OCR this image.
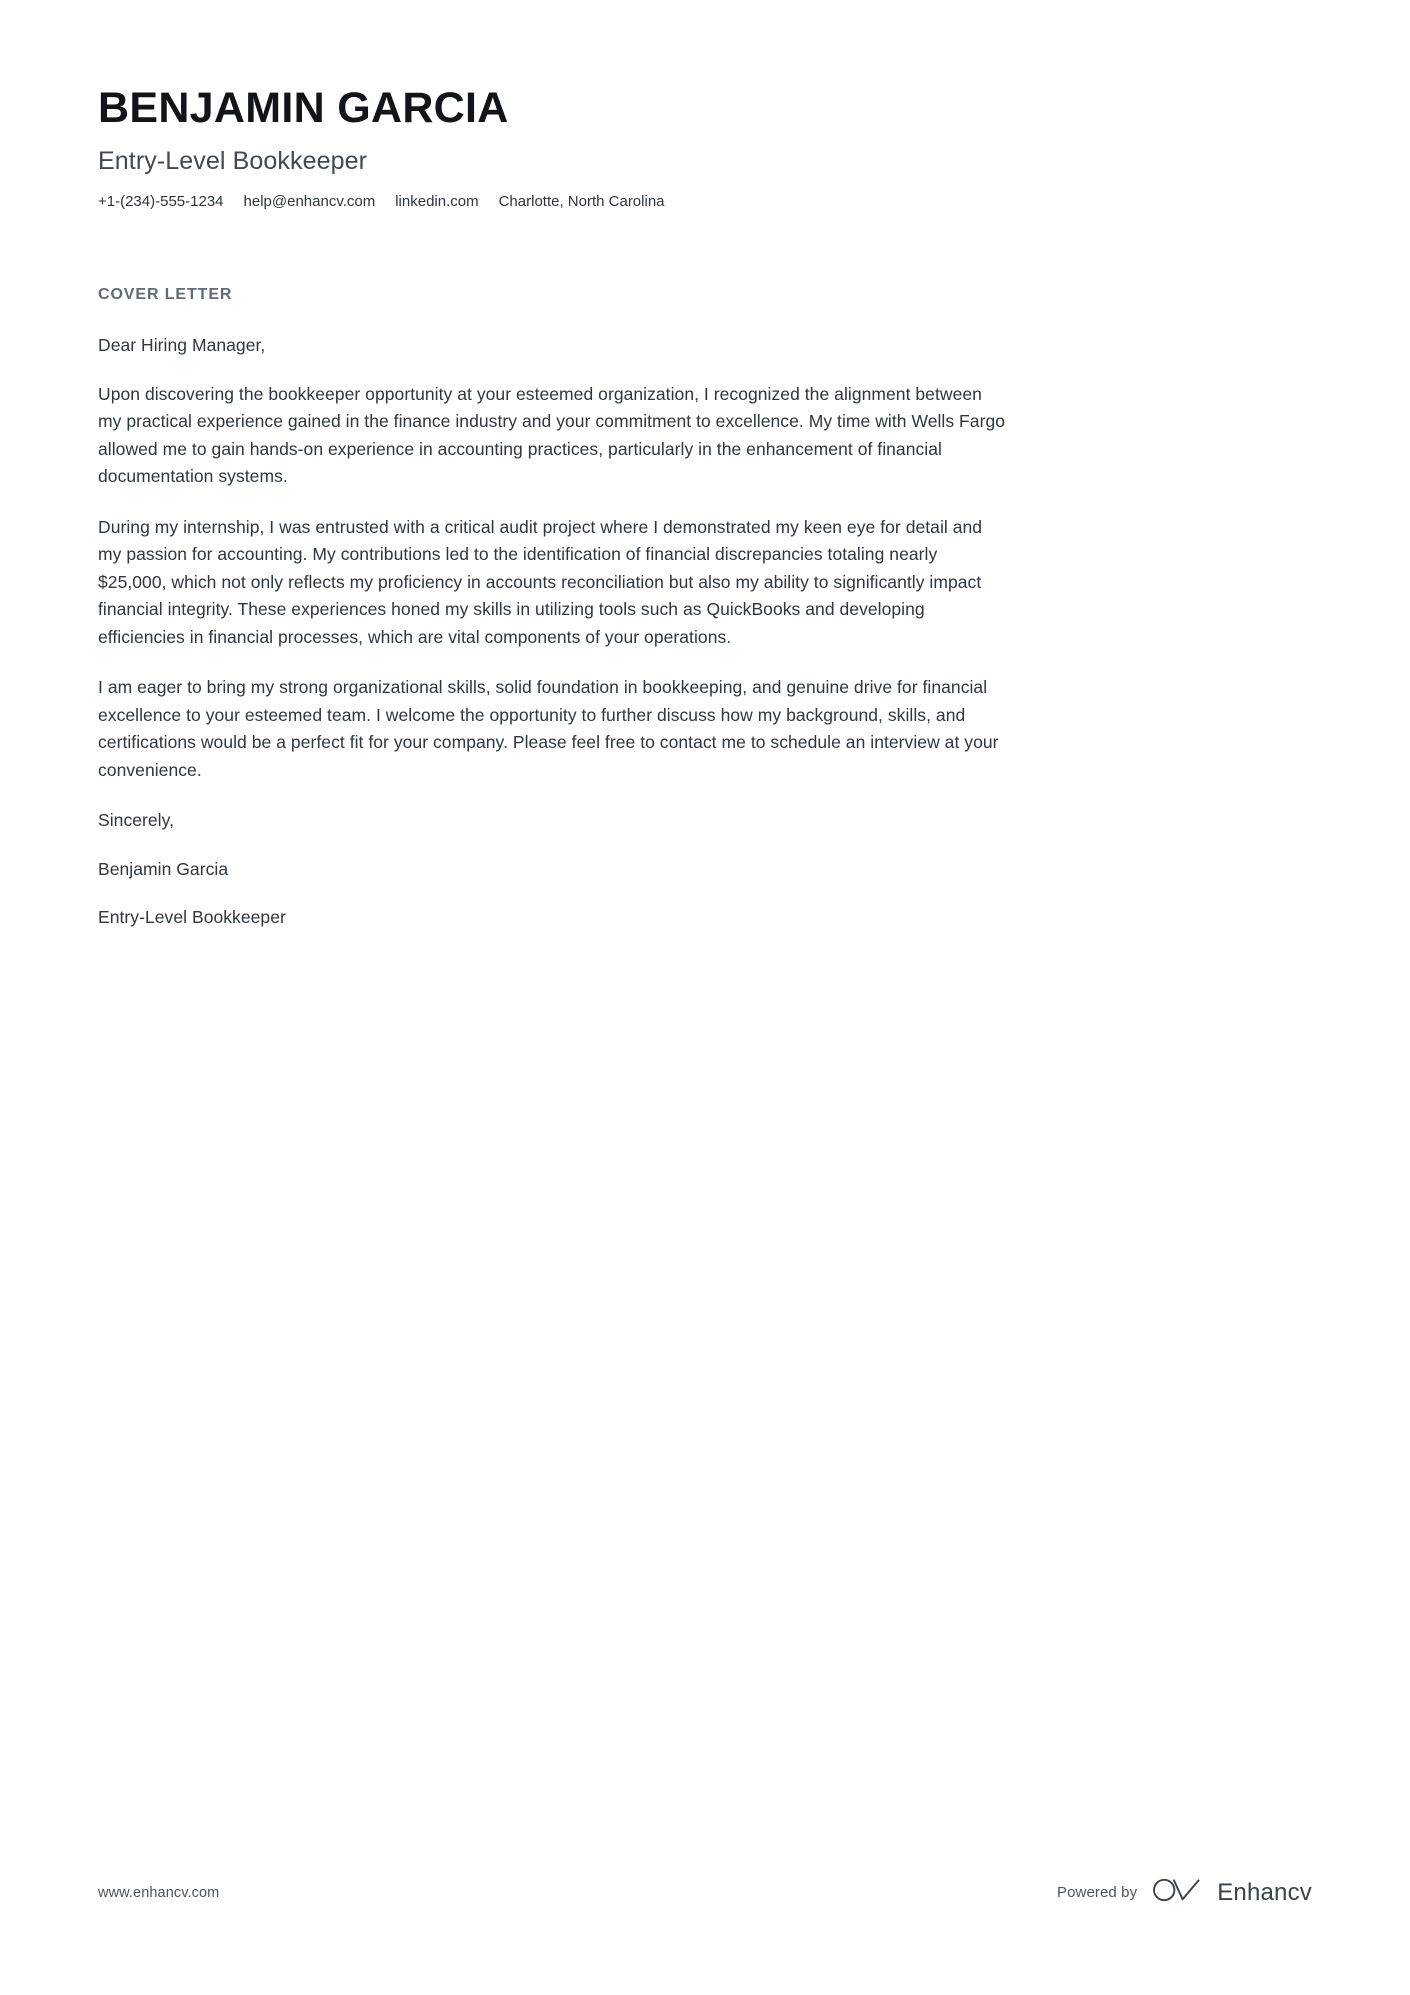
BENJAMIN GARCIA
Entry-Level Bookkeeper
+1-(234)-555-1234 help@enhancv.com linkedin.com Charlotte, North Carolina
COVER LETTER

Dear Hiring Manager,

Upon discovering the bookkeeper opportunity at your esteemed organization, I recognized the alignment between my practical experience gained in the finance industry and your commitment to excellence. My time with Wells Fargo allowed me to gain hands-on experience in accounting practices, particularly in the enhancement of financial documentation systems.

During my internship, I was entrusted with a critical audit project where I demonstrated my keen eye for detail and my passion for accounting. My contributions led to the identification of financial discrepancies totaling nearly $25,000, which not only reflects my proficiency in accounts reconciliation but also my ability to significantly impact financial integrity. These experiences honed my skills in utilizing tools such as QuickBooks and developing efficiencies in financial processes, which are vital components of your operations.

I am eager to bring my strong organizational skills, solid foundation in bookkeeping, and genuine drive for financial excellence to your esteemed team. I welcome the opportunity to further discuss how my background, skills, and certifications would be a perfect fit for your company. Please feel free to contact me to schedule an interview at your convenience.

Sincerely,

Benjamin Garcia

Entry-Level Bookkeeper

www.enhancv.com	Powered by	Enhancv
